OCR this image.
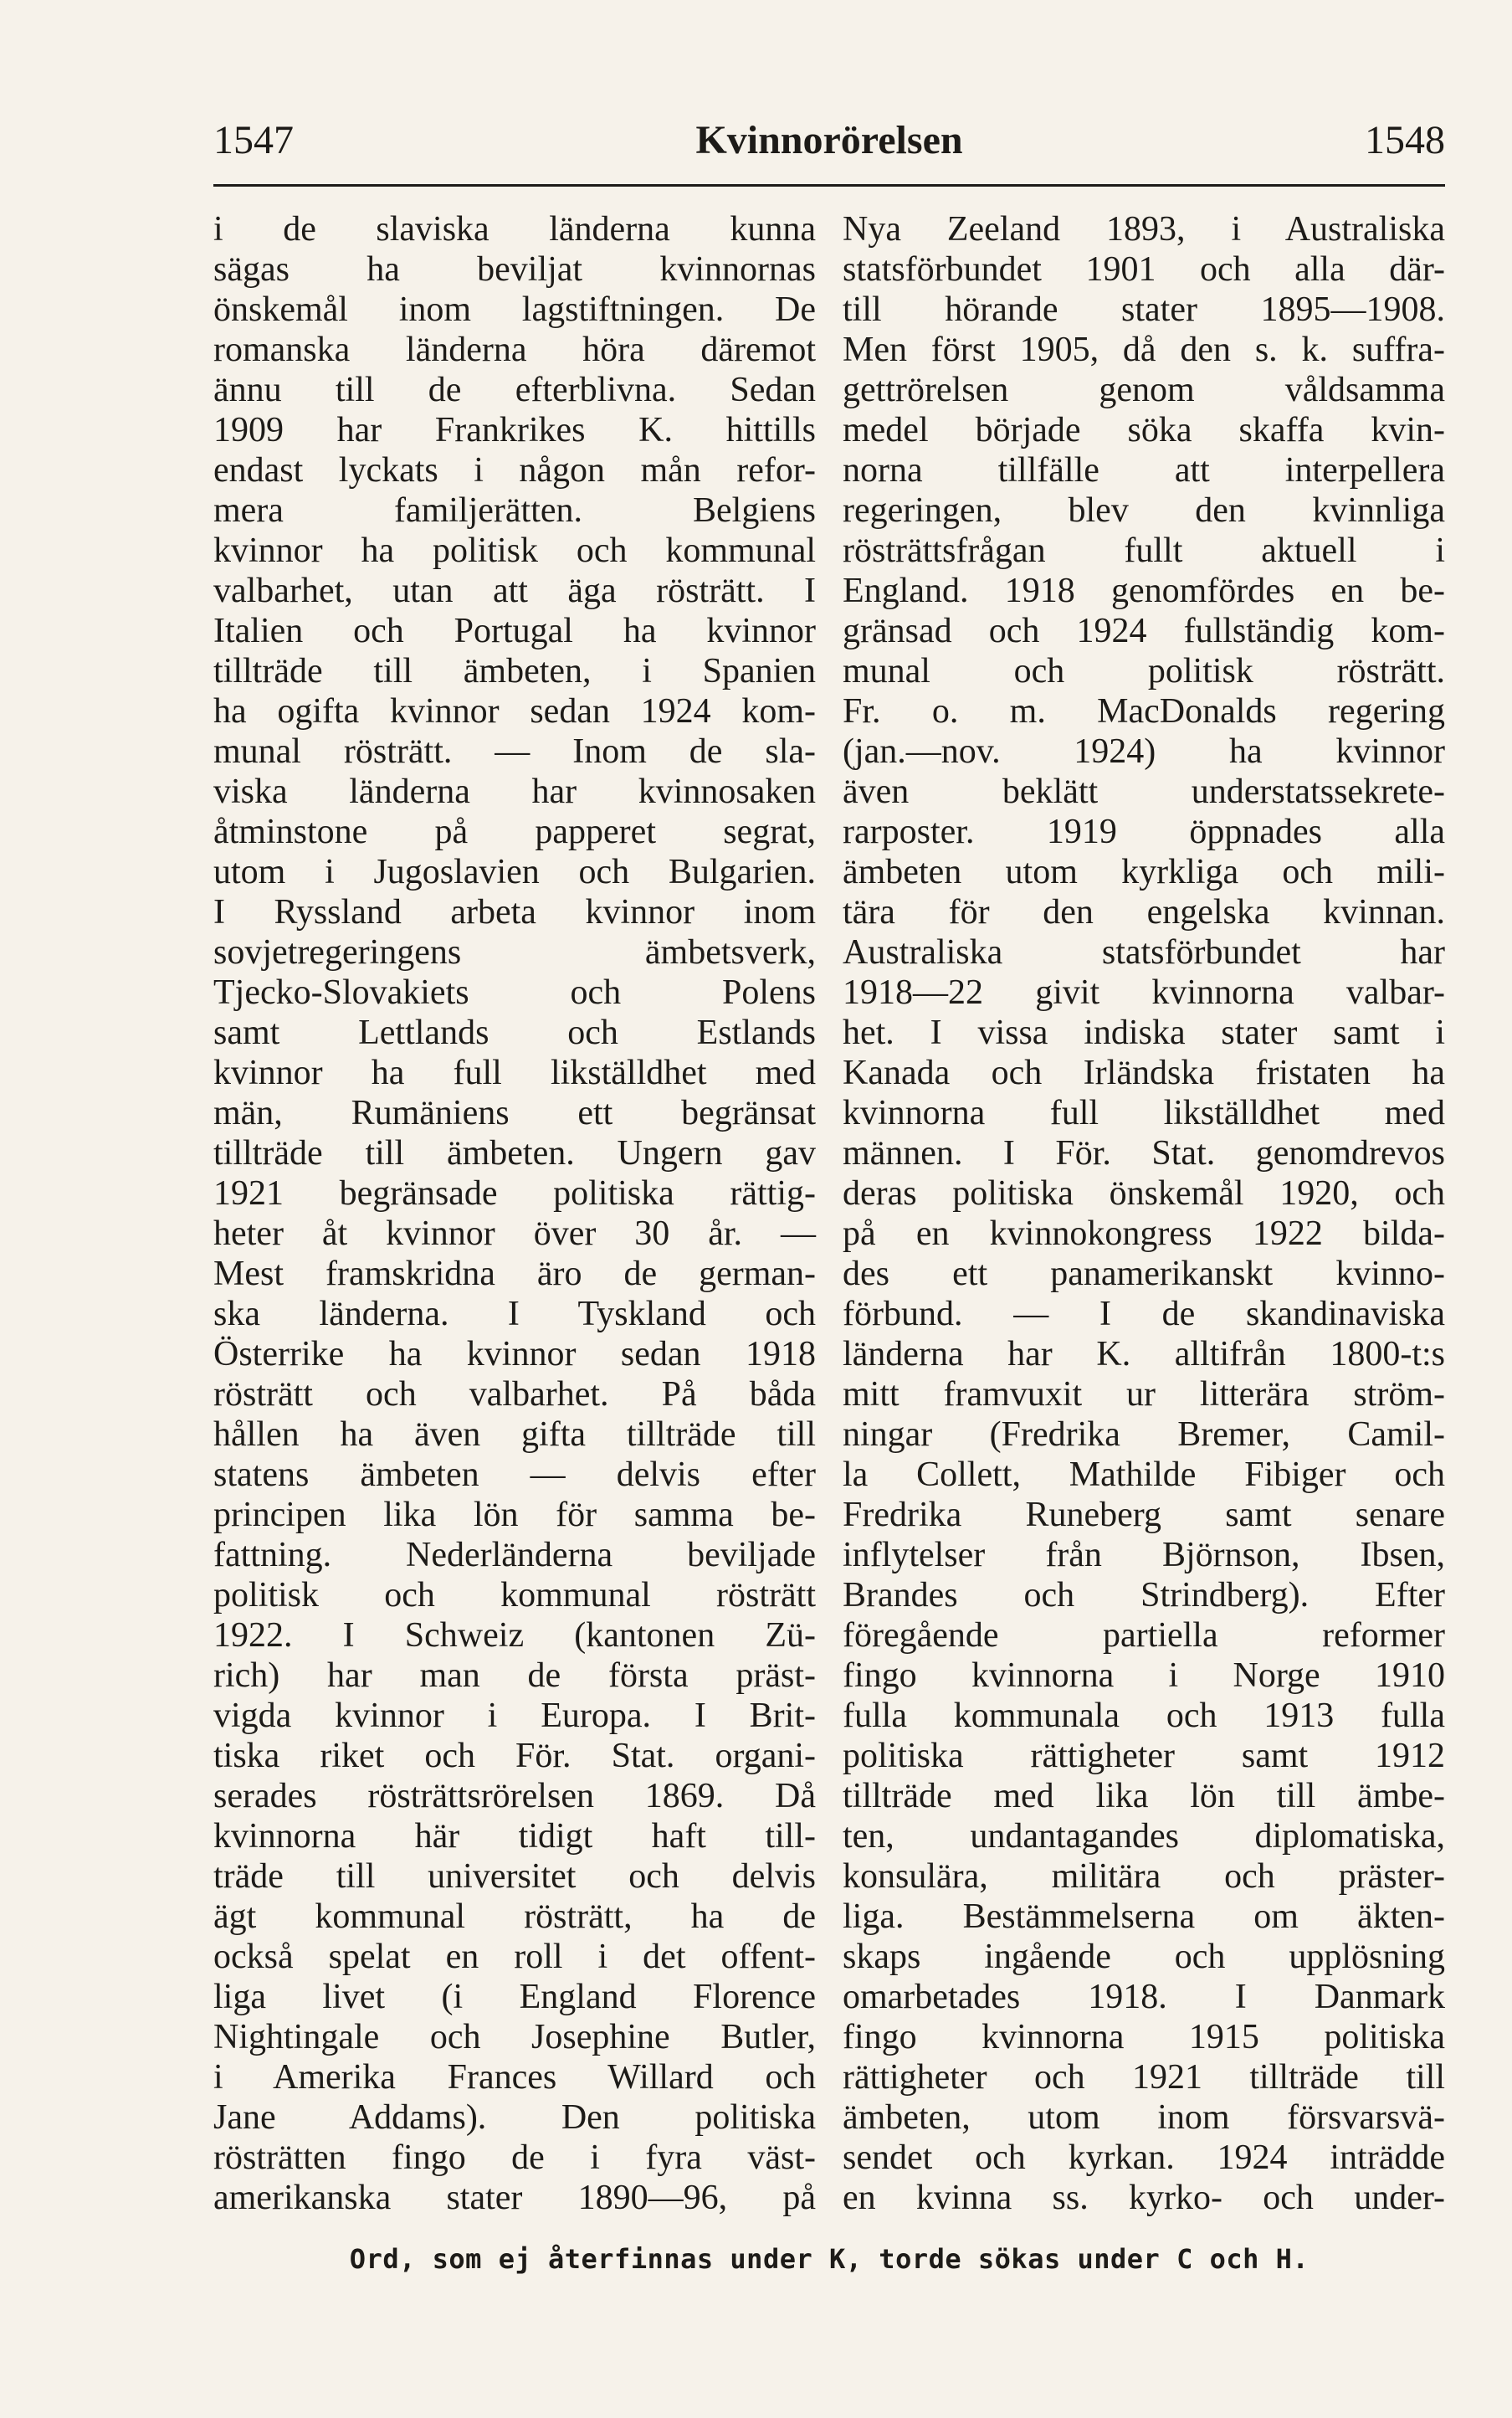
1547	Kvinnorörelsen	1548
i de slaviska länderna kunna
sägas ha beviljat kvinnornas
önskemål inom lagstiftningen. De
romanska länderna höra däremot
ännu till de efterblivna. Sedan
1909 har Frankrikes K. hittills
endast lyckats i någon mån refor-
mera familjerätten. Belgiens
kvinnor ha politisk och kommunal
valbarhet, utan att äga rösträtt. I
Italien och Portugal ha kvinnor
tillträde till ämbeten, i Spanien
ha ogifta kvinnor sedan 1924 kom-
munal rösträtt. — Inom de sla-
viska länderna har kvinnosaken
åtminstone på papperet segrat,
utom i Jugoslavien och Bulgarien.
I Ryssland arbeta kvinnor inom
sovjetregeringens ämbetsverk,
Tjecko-Slovakiets och Polens
samt Lettlands och Estlands
kvinnor ha full likställdhet med
män, Rumäniens ett begränsat
tillträde till ämbeten. Ungern gav
1921 begränsade politiska rättig-
heter åt kvinnor över 30 år. —
Mest framskridna äro de german-
ska länderna. I Tyskland och
Österrike ha kvinnor sedan 1918
rösträtt och valbarhet. På båda
hållen ha även gifta tillträde till
statens ämbeten — delvis efter
principen lika lön för samma be-
fattning. Nederländerna beviljade
politisk och kommunal rösträtt
1922. I Schweiz (kantonen Zü-
rich) har man de första präst-
vigda kvinnor i Europa. I Brit-
tiska riket och För. Stat. organi-
serades rösträttsrörelsen 1869. Då
kvinnorna här tidigt haft till-
träde till universitet och delvis
ägt kommunal rösträtt, ha de
också spelat en roll i det offent-
liga livet (i England Florence
Nightingale och Josephine Butler,
i Amerika Frances Willard och
Jane Addams). Den politiska
rösträtten fingo de i fyra väst-
amerikanska stater 1890—96, på
Nya Zeeland 1893, i Australiska
statsförbundet 1901 och alla där-
till hörande stater 1895—1908.
Men först 1905, då den s. k. suffra-
gettrörelsen genom våldsamma
medel började söka skaffa kvin-
norna tillfälle att interpellera
regeringen, blev den kvinnliga
rösträttsfrågan fullt aktuell i
England. 1918 genomfördes en be-
gränsad och 1924 fullständig kom-
munal och politisk rösträtt.
Fr. o. m. MacDonalds regering
(jan.—nov. 1924) ha kvinnor
även beklätt understatssekrete-
rarposter. 1919 öppnades alla
ämbeten utom kyrkliga och mili-
tära för den engelska kvinnan.
Australiska statsförbundet har
1918—22 givit kvinnorna valbar-
het. I vissa indiska stater samt i
Kanada och Irländska fristaten ha
kvinnorna full likställdhet med
männen. I För. Stat. genomdrevos
deras politiska önskemål 1920, och
på en kvinnokongress 1922 bilda-
des ett panamerikanskt kvinno-
förbund. — I de skandinaviska
länderna har K. alltifrån 1800-t:s
mitt framvuxit ur litterära ström-
ningar (Fredrika Bremer, Camil-
la Collett, Mathilde Fibiger och
Fredrika Runeberg samt senare
inflytelser från Björnson, Ibsen,
Brandes och Strindberg). Efter
föregående partiella reformer
fingo kvinnorna i Norge 1910
fulla kommunala och 1913 fulla
politiska rättigheter samt 1912
tillträde med lika lön till ämbe-
ten, undantagandes diplomatiska,
konsulära, militära och präster-
liga. Bestämmelserna om äkten-
skaps ingående och upplösning
omarbetades 1918. I Danmark
fingo kvinnorna 1915 politiska
rättigheter och 1921 tillträde till
ämbeten, utom inom försvarsvä-
sendet och kyrkan. 1924 inträdde
en kvinna ss. kyrko- och under-
Ord, som ej återfinnas under K, torde sökas under C och H.
